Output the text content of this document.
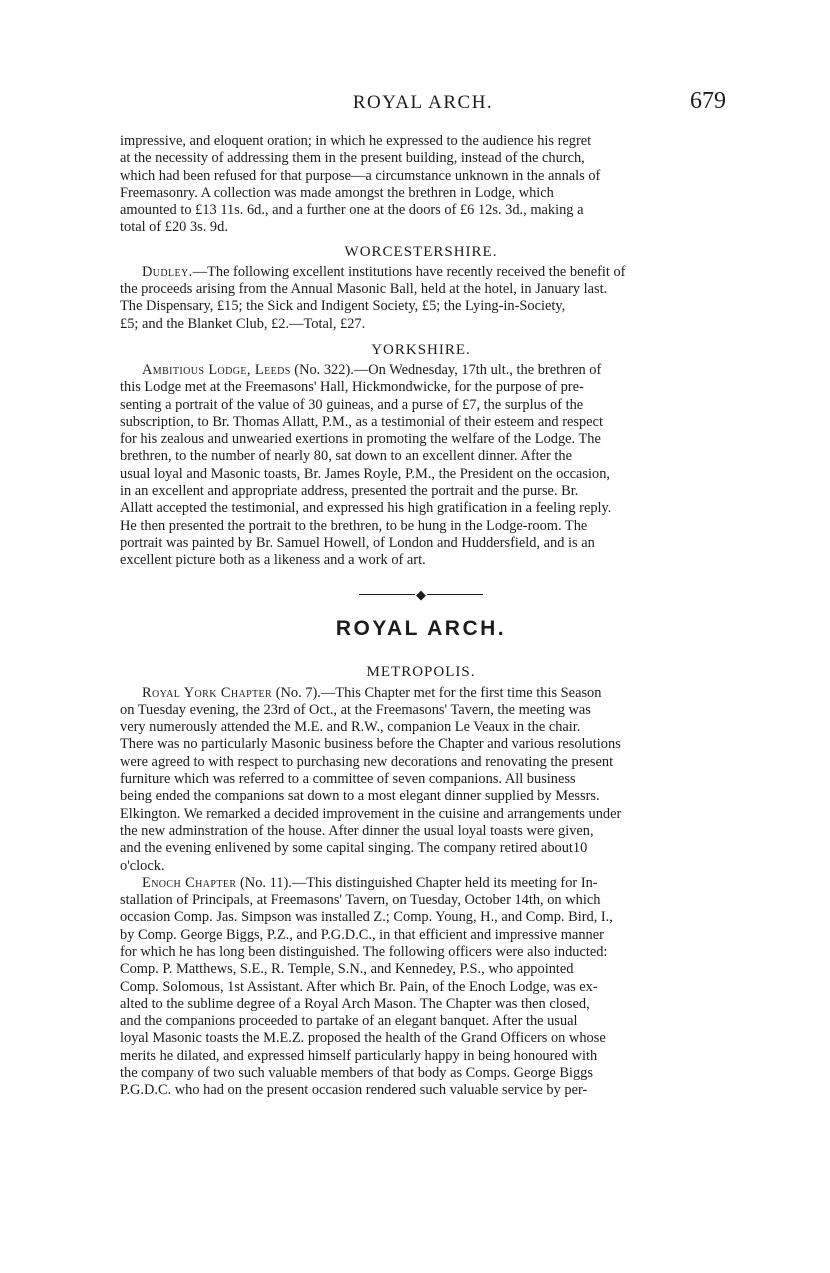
ROYAL ARCH.	679
impressive, and eloquent oration; in which he expressed to the audience his regret
at the necessity of addressing them in the present building, instead of the church,
which had been refused for that purpose—a circumstance unknown in the annals of
Freemasonry. A collection was made amongst the brethren in Lodge, which
amounted to £13 11s. 6d., and a further one at the doors of £6 12s. 3d., making a
total of £20 3s. 9d.
WORCESTERSHIRE.
Dudley.—The following excellent institutions have recently received the benefit of
the proceeds arising from the Annual Masonic Ball, held at the hotel, in January last.
The Dispensary, £15; the Sick and Indigent Society, £5; the Lying-in-Society,
£5; and the Blanket Club, £2.—Total, £27.
YORKSHIRE.
Ambitious Lodge, Leeds (No. 322).—On Wednesday, 17th ult., the brethren of
this Lodge met at the Freemasons' Hall, Hickmondwicke, for the purpose of pre-
senting a portrait of the value of 30 guineas, and a purse of £7, the surplus of the
subscription, to Br. Thomas Allatt, P.M., as a testimonial of their esteem and respect
for his zealous and unwearied exertions in promoting the welfare of the Lodge. The
brethren, to the number of nearly 80, sat down to an excellent dinner. After the
usual loyal and Masonic toasts, Br. James Royle, P.M., the President on the occasion,
in an excellent and appropriate address, presented the portrait and the purse. Br.
Allatt accepted the testimonial, and expressed his high gratification in a feeling reply.
He then presented the portrait to the brethren, to be hung in the Lodge-room. The
portrait was painted by Br. Samuel Howell, of London and Huddersfield, and is an
excellent picture both as a likeness and a work of art.
◆
ROYAL ARCH.
METROPOLIS.
Royal York Chapter (No. 7).—This Chapter met for the first time this Season
on Tuesday evening, the 23rd of Oct., at the Freemasons' Tavern, the meeting was
very numerously attended the M.E. and R.W., companion Le Veaux in the chair.
There was no particularly Masonic business before the Chapter and various resolutions
were agreed to with respect to purchasing new decorations and renovating the present
furniture which was referred to a committee of seven companions. All business
being ended the companions sat down to a most elegant dinner supplied by Messrs.
Elkington. We remarked a decided improvement in the cuisine and arrangements under
the new adminstration of the house. After dinner the usual loyal toasts were given,
and the evening enlivened by some capital singing. The company retired about10
o'clock.
Enoch Chapter (No. 11).—This distinguished Chapter held its meeting for In-
stallation of Principals, at Freemasons' Tavern, on Tuesday, October 14th, on which
occasion Comp. Jas. Simpson was installed Z.; Comp. Young, H., and Comp. Bird, I.,
by Comp. George Biggs, P.Z., and P.G.D.C., in that efficient and impressive manner
for which he has long been distinguished. The following officers were also inducted:
Comp. P. Matthews, S.E., R. Temple, S.N., and Kennedey, P.S., who appointed
Comp. Solomous, 1st Assistant. After which Br. Pain, of the Enoch Lodge, was ex-
alted to the sublime degree of a Royal Arch Mason. The Chapter was then closed,
and the companions proceeded to partake of an elegant banquet. After the usual
loyal Masonic toasts the M.E.Z. proposed the health of the Grand Officers on whose
merits he dilated, and expressed himself particularly happy in being honoured with
the company of two such valuable members of that body as Comps. George Biggs
P.G.D.C. who had on the present occasion rendered such valuable service by per-
